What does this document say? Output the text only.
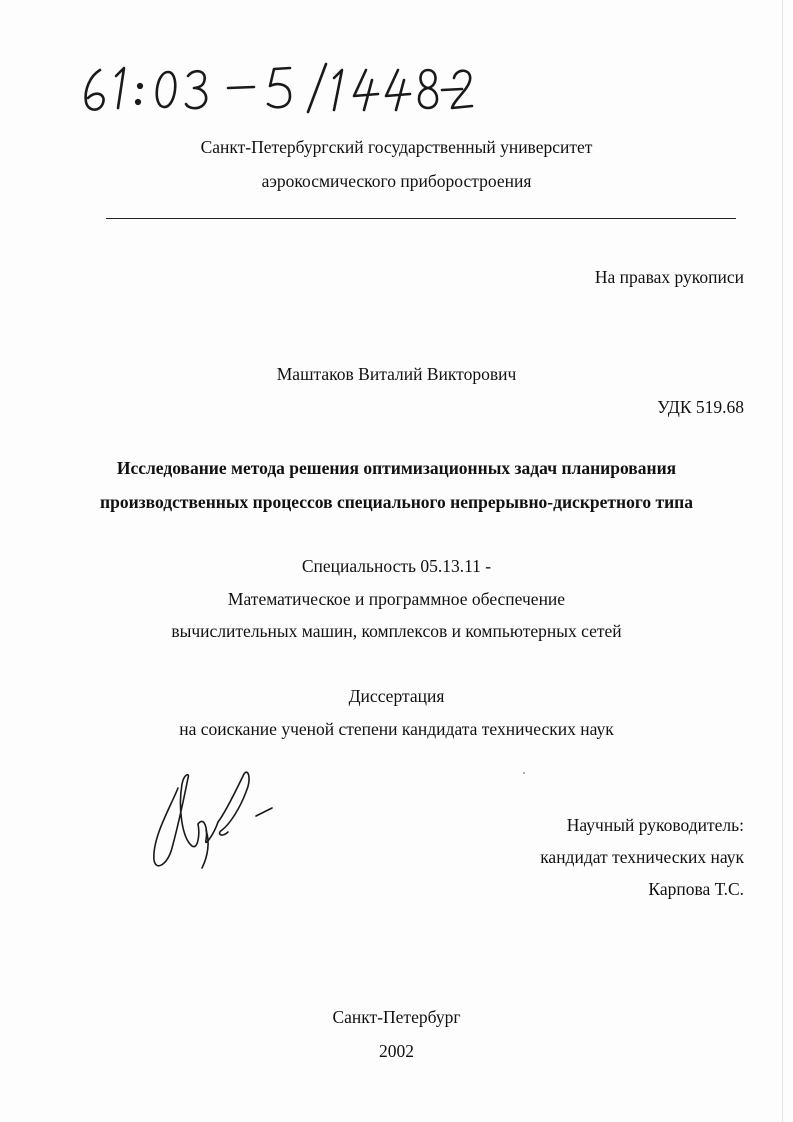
Санкт-Петербургский государственный университет
аэрокосмического приборостроения
На правах рукописи
Маштаков Виталий Викторович
УДК 519.68
Исследование метода решения оптимизационных задач планирования
производственных процессов специального непрерывно-дискретного типа
Специальность 05.13.11 -
Математическое и программное обеспечение
вычислительных машин, комплексов и компьютерных сетей
Диссертация
на соискание ученой степени кандидата технических наук
Научный руководитель:
кандидат технических наук
Карпова Т.С.
Санкт-Петербург
2002
